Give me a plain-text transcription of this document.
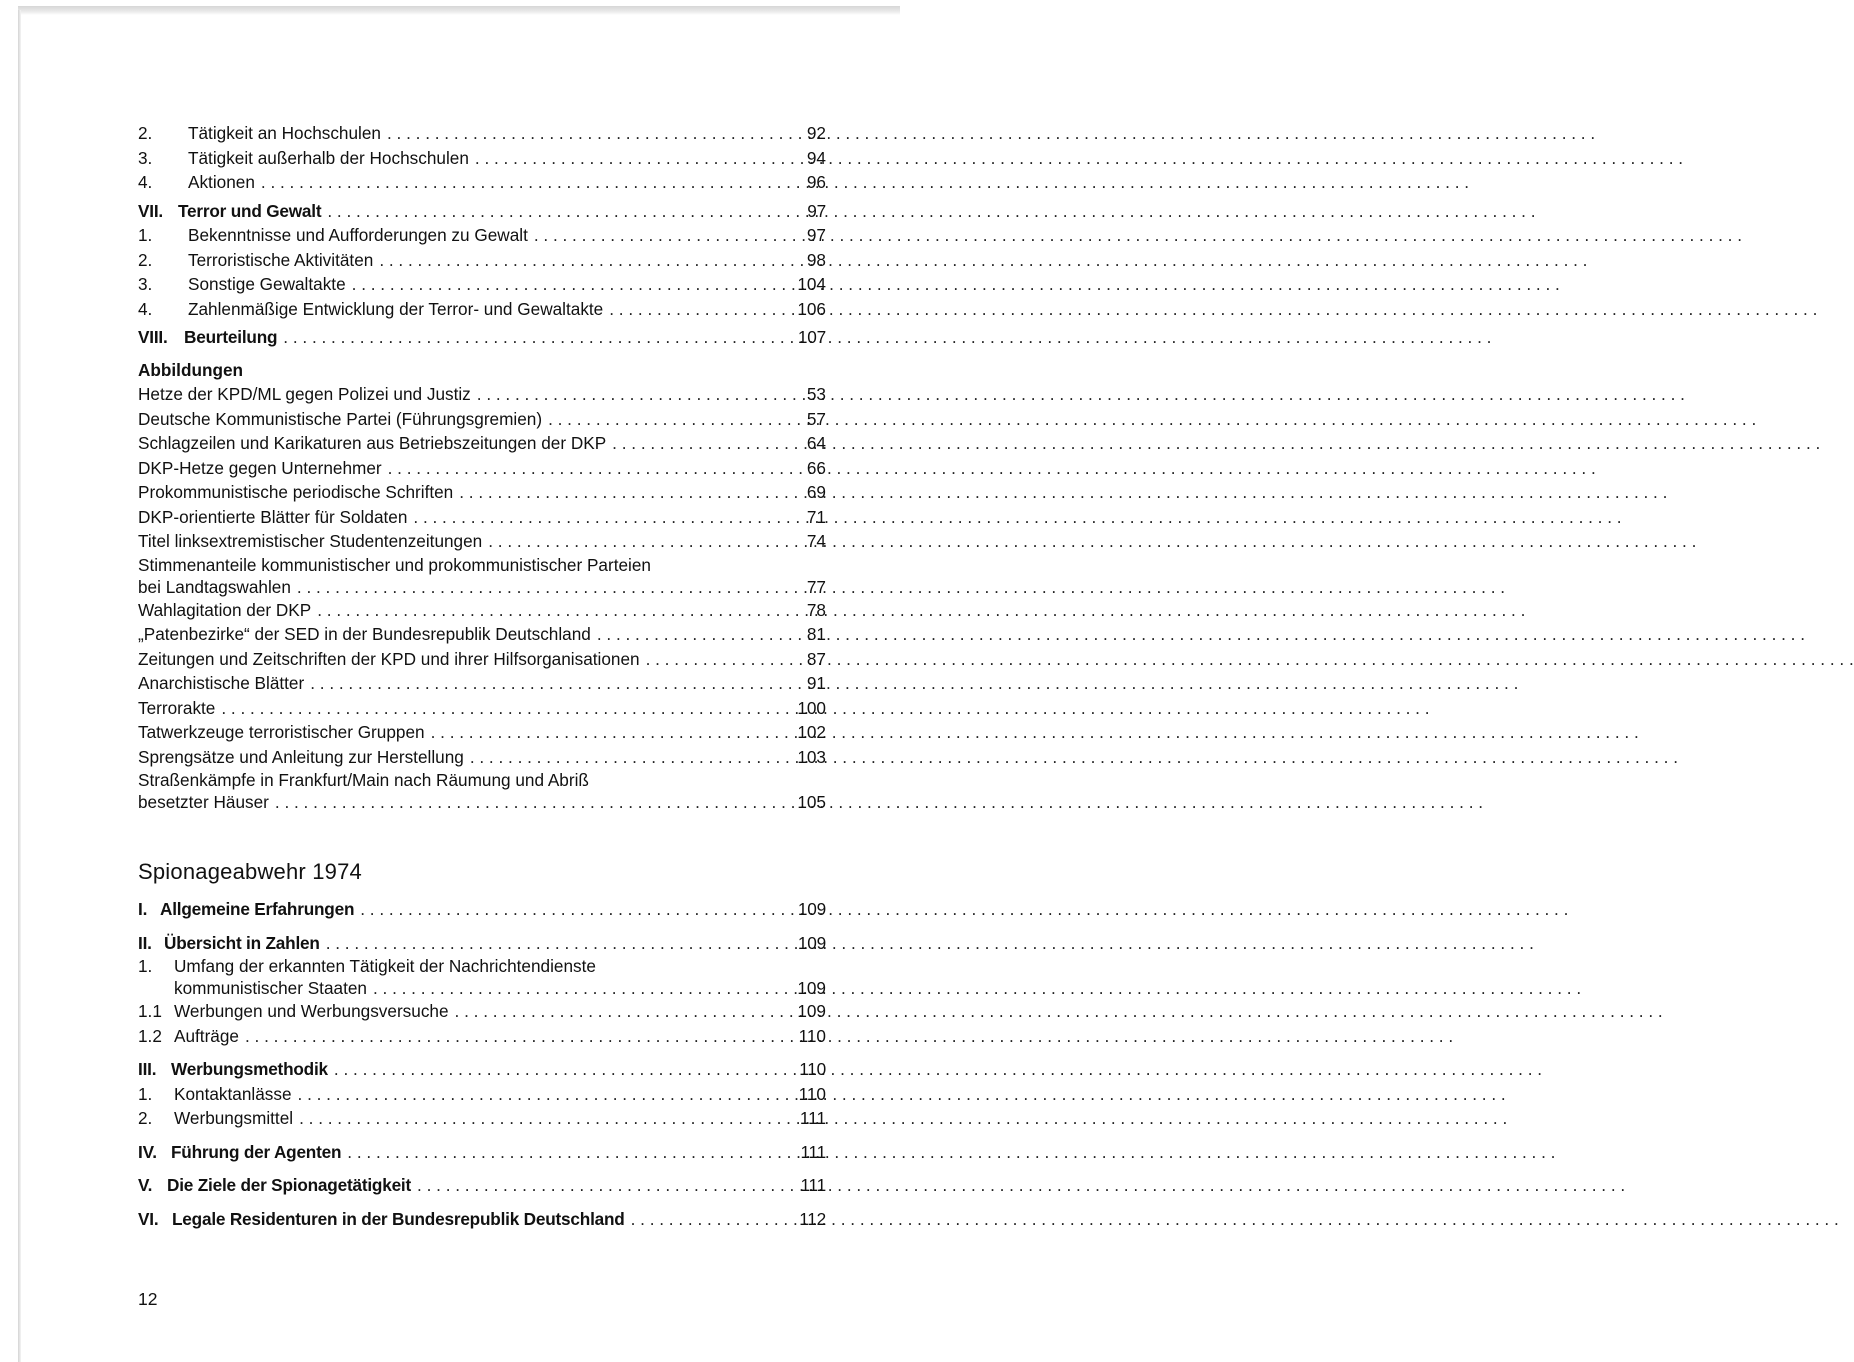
2.	Tätigkeit an Hochschulen . . .	92
3.	Tätigkeit außerhalb der Hochschulen . . .	94
4.	Aktionen . . .	96
VII. Terror und Gewalt . . .	97
1.	Bekenntnisse und Aufforderungen zu Gewalt . . .	97
2.	Terroristische Aktivitäten . . .	98
3.	Sonstige Gewaltakte . . .	104
4.	Zahlenmäßige Entwicklung der Terror- und Gewaltakte . . .	106
VIII. Beurteilung . . .	107
Abbildungen
Hetze der KPD/ML gegen Polizei und Justiz . . .	53
Deutsche Kommunistische Partei (Führungsgremien) . . .	57
Schlagzeilen und Karikaturen aus Betriebszeitungen der DKP . . .	64
DKP-Hetze gegen Unternehmer . . .	66
Prokommunistische periodische Schriften . . .	69
DKP-orientierte Blätter für Soldaten . . .	71
Titel linksextremistischer Studentenzeitungen . . .	74
Stimmenanteile kommunistischer und prokommunistischer Parteien
bei Landtagswahlen . . .	77
Wahlagitation der DKP . . .	78
„Patenbezirke“ der SED in der Bundesrepublik Deutschland . . .	81
Zeitungen und Zeitschriften der KPD und ihrer Hilfsorganisationen . . .	87
Anarchistische Blätter . . .	91
Terrorakte . . .	100
Tatwerkzeuge terroristischer Gruppen . . .	102
Sprengsätze und Anleitung zur Herstellung . . .	103
Straßenkämpfe in Frankfurt/Main nach Räumung und Abriß
besetzter Häuser . . .	105
Spionageabwehr 1974
I. Allgemeine Erfahrungen . . .	109
II. Übersicht in Zahlen . . .	109
1.	Umfang der erkannten Tätigkeit der Nachrichtendienste
kommunistischer Staaten . . .	109
1.1 Werbungen und Werbungsversuche . . .	109
1.2 Aufträge . . .	110
III. Werbungsmethodik . . .	110
1.	Kontaktanlässe . . .	110
2.	Werbungsmittel . . .	111
IV. Führung der Agenten . . .	111
V. Die Ziele der Spionagetätigkeit . . .	111
VI. Legale Residenturen in der Bundesrepublik Deutschland . . .	112
12
